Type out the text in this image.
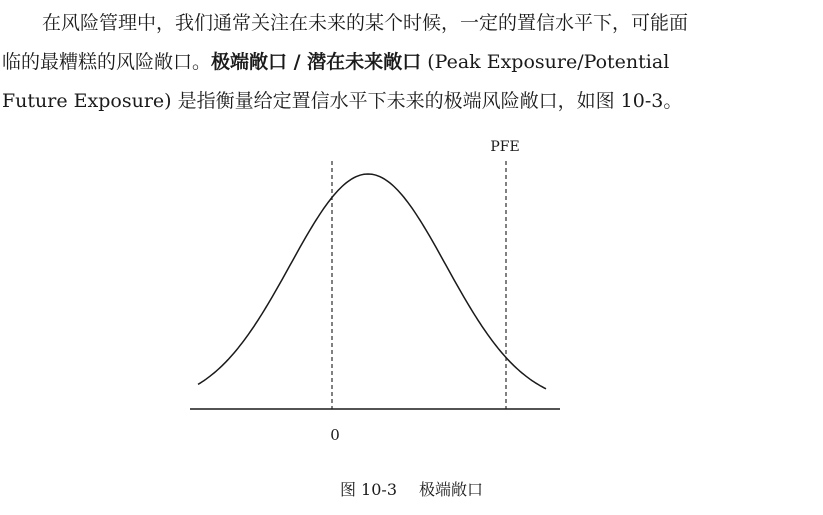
在风险管理中，我们通常关注在未来的某个时候，一定的置信水平下，可能面
临的最糟糕的风险敞口。极端敞口 / 潜在未来敞口 (Peak Exposure/Potential
Future Exposure) 是指衡量给定置信水平下未来的极端风险敞口，如图 10-3。
0
PFE
图 10-3 极端敞口
